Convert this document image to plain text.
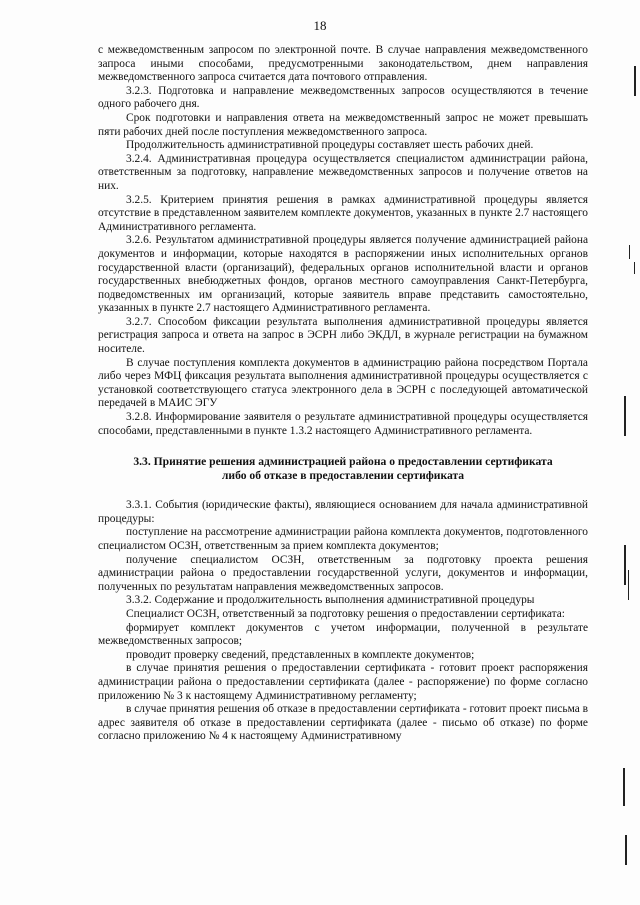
18

с межведомственным запросом по электронной почте. В случае направления межведомственного запроса иными способами, предусмотренными законодательством, днем направления межведомственного запроса считается дата почтового отправления.

3.2.3. Подготовка и направление межведомственных запросов осуществляются в течение одного рабочего дня.

Срок подготовки и направления ответа на межведомственный запрос не может превышать пяти рабочих дней после поступления межведомственного запроса.

Продолжительность административной процедуры составляет шесть рабочих дней.

3.2.4. Административная процедура осуществляется специалистом администрации района, ответственным за подготовку, направление межведомственных запросов и получение ответов на них.

3.2.5. Критерием принятия решения в рамках административной процедуры является отсутствие в представленном заявителем комплекте документов, указанных в пункте 2.7 настоящего Административного регламента.

3.2.6. Результатом административной процедуры является получение администрацией района документов и информации, которые находятся в распоряжении иных исполнительных органов государственной власти (организаций), федеральных органов исполнительной власти и органов государственных внебюджетных фондов, органов местного самоуправления Санкт-Петербурга, подведомственных им организаций, которые заявитель вправе представить самостоятельно, указанных в пункте 2.7 настоящего Административного регламента.

3.2.7. Способом фиксации результата выполнения административной процедуры является регистрация запроса и ответа на запрос в ЭСРН либо ЭКДЛ, в журнале регистрации на бумажном носителе.

В случае поступления комплекта документов в администрацию района посредством Портала либо через МФЦ фиксация результата выполнения административной процедуры осуществляется с установкой соответствующего статуса электронного дела в ЭСРН с последующей автоматической передачей в МАИС ЭГУ

3.2.8. Информирование заявителя о результате административной процедуры осуществляется способами, представленными в пункте 1.3.2 настоящего Административного регламента.

3.3. Принятие решения администрацией района о предоставлении сертификата
либо об отказе в предоставлении сертификата

3.3.1. События (юридические факты), являющиеся основанием для начала административной процедуры:

поступление на рассмотрение администрации района комплекта документов, подготовленного специалистом ОСЗН, ответственным за прием комплекта документов;

получение специалистом ОСЗН, ответственным за подготовку проекта решения администрации района о предоставлении государственной услуги, документов и информации, полученных по результатам направления межведомственных запросов.

3.3.2. Содержание и продолжительность выполнения административной процедуры

Специалист ОСЗН, ответственный за подготовку решения о предоставлении сертификата:

формирует комплект документов с учетом информации, полученной в результате межведомственных запросов;

проводит проверку сведений, представленных в комплекте документов;

в случае принятия решения о предоставлении сертификата - готовит проект распоряжения администрации района о предоставлении сертификата (далее - распоряжение) по форме согласно приложению № 3 к настоящему Административному регламенту;

в случае принятия решения об отказе в предоставлении сертификата - готовит проект письма в адрес заявителя об отказе в предоставлении сертификата (далее - письмо об отказе) по форме согласно приложению № 4 к настоящему Административному
